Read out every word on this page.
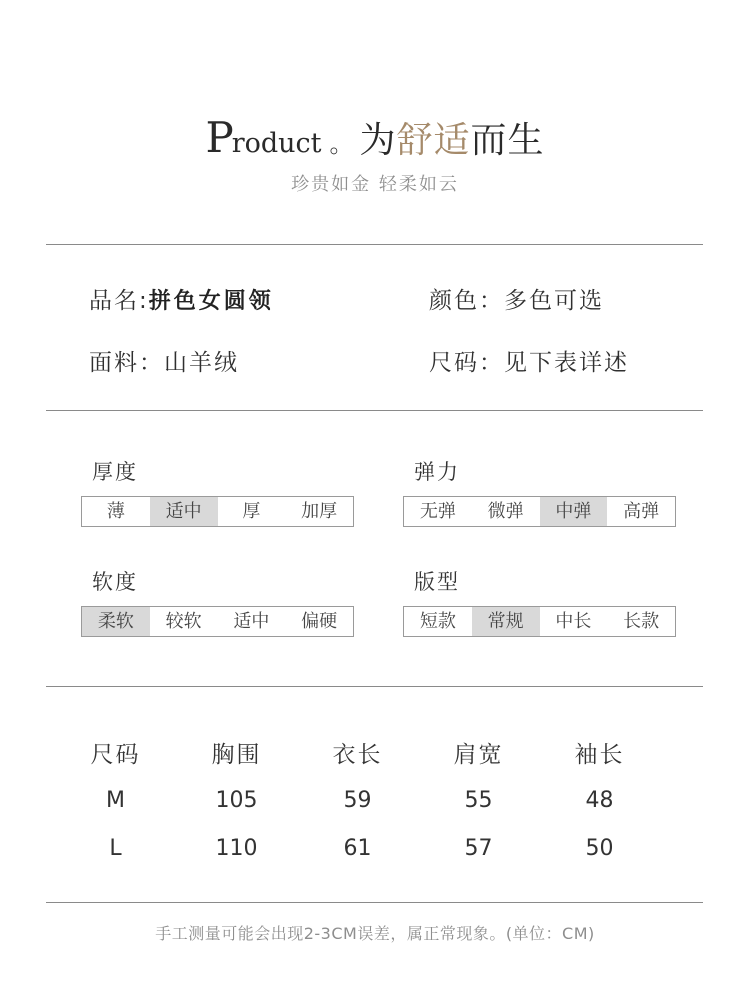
Product 。 为舒适而生
珍贵如金 轻柔如云
品名:拼色女圆领	颜色：多色可选
面料：山羊绒	尺码：见下表详述
厚度
薄	适中	厚	加厚
弹力
无弹	微弹	中弹	高弹
软度
柔软	较软	适中	偏硬
版型
短款	常规	中长	长款
尺码	胸围	衣长	肩宽	袖长
M	105	59	55	48
L	110	61	57	50
手工测量可能会出现2-3CM误差，属正常现象。(单位：CM)
